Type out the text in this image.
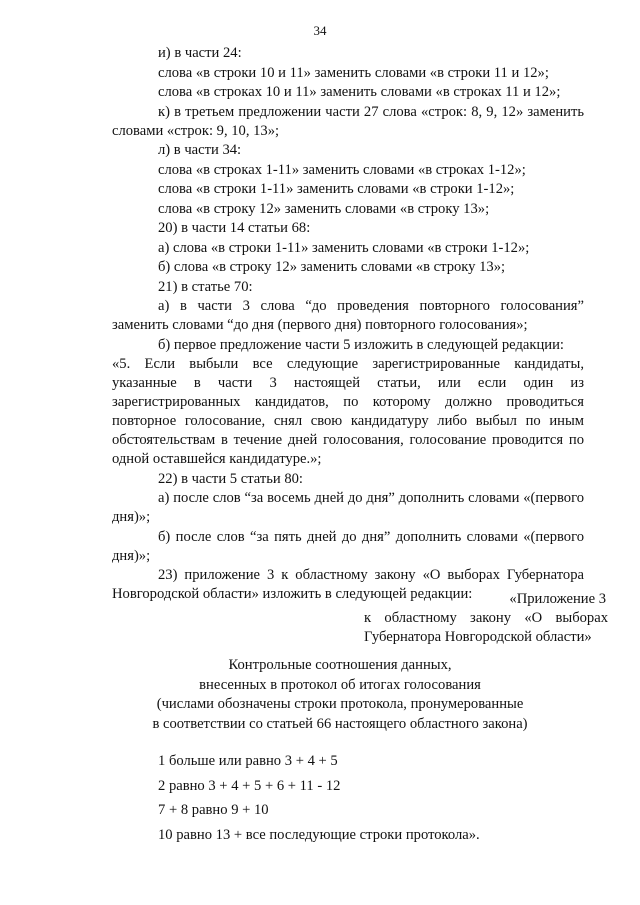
34

и) в части 24:

слова «в строки 10 и 11» заменить словами «в строки 11 и 12»;

слова «в строках 10 и 11» заменить словами «в строках 11 и 12»;

к) в третьем предложении части 27 слова «строк: 8, 9, 12» заменить словами «строк: 9, 10, 13»;

л) в части 34:

слова «в строках 1-11» заменить словами «в строках 1-12»;

слова «в строки 1-11» заменить словами «в строки 1-12»;

слова «в строку 12» заменить словами «в строку 13»;

20) в части 14 статьи 68:

а) слова «в строки 1-11» заменить словами «в строки 1-12»;

б) слова «в строку 12» заменить словами «в строку 13»;

21) в статье 70:

а) в части 3 слова “до проведения повторного голосования” заменить словами “до дня (первого дня) повторного голосования»;

б) первое предложение части 5 изложить в следующей редакции:

«5. Если выбыли все следующие зарегистрированные кандидаты, указанные в части 3 настоящей статьи, или если один из зарегистрированных кандидатов, по которому должно проводиться повторное голосование, снял свою кандидатуру либо выбыл по иным обстоятельствам в течение дней голосования, голосование проводится по одной оставшейся кандидатуре.»;

22) в части 5 статьи 80:

а) после слов “за восемь дней до дня” дополнить словами «(первого дня)»;

б) после слов “за пять дней до дня” дополнить словами «(первого дня)»;

23) приложение 3 к областному закону «О выборах Губернатора Новгородской области» изложить в следующей редакции:	«Приложение 3
к областному закону «О выборах
Губернатора Новгородской области»
Контрольные соотношения данных,
внесенных в протокол об итогах голосования
(числами обозначены строки протокола, пронумерованные
в соответствии со статьей 66 настоящего областного закона)
1 больше или равно 3 + 4 + 5
2 равно 3 + 4 + 5 + 6 + 11 - 12
7 + 8 равно 9 + 10
10 равно 13 + все последующие строки протокола».
